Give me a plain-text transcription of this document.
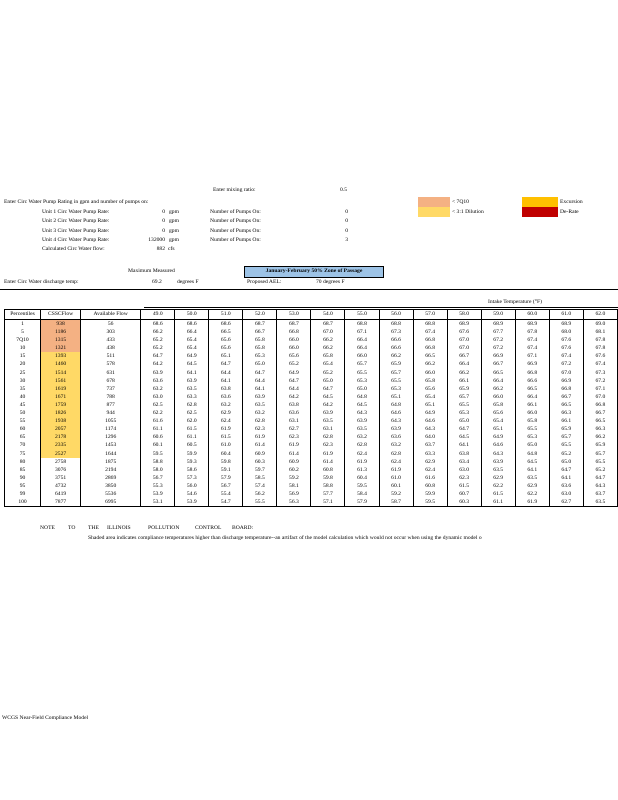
Enter mixing ratio:	0.5
Enter Circ Water Pump Rating in gpm and number of pumps on:
Unit 1 Circ Water Pump Rate:	0 gpm	Number of Pumps On:	0
Unit 2 Circ Water Pump Rate:	0 gpm	Number of Pumps On:	0
Unit 3 Circ Water Pump Rate:	0 gpm	Number of Pumps On:	0
Unit 4 Circ Water Pump Rate:	132000 gpm	Number of Pumps On:	3
Calculated Circ Water flow:	882 cfs
< 7Q10
< 3:1 Dilution
Excursion
De-Rate
Maximum Measured	January-February 50% Zone of Passage
Enter Circ Water discharge temp:	69.2	degrees F	Proposed AEL:	70 degrees F
Intake Temperature (°F)
Percentiles	CSSCFlow	Available Flow	49.0	50.0	51.0	52.0	53.0	54.0	55.0	56.0	57.0	58.0	59.0	60.0	61.0	62.0
1	938	56	68.6	68.6	68.6	68.7	68.7	68.7	68.8	68.8	68.8	68.9	68.9	68.9	68.9	69.0
5	1186	303	66.2	66.4	66.5	66.7	66.8	67.0	67.1	67.3	67.4	67.6	67.7	67.8	68.0	68.1
7Q10	1315	433	65.2	65.4	65.6	65.8	66.0	66.2	66.4	66.6	66.8	67.0	67.2	67.4	67.6	67.8
10	1321	438	65.2	65.4	65.6	65.8	66.0	66.2	66.4	66.6	66.8	67.0	67.2	67.4	67.6	67.8
15	1393	511	64.7	64.9	65.1	65.3	65.6	65.8	66.0	66.2	66.5	66.7	66.9	67.1	67.4	67.6
20	1460	578	64.2	64.5	64.7	65.0	65.2	65.4	65.7	65.9	66.2	66.4	66.7	66.9	67.2	67.4
25	1514	631	63.9	64.1	64.4	64.7	64.9	65.2	65.5	65.7	66.0	66.2	66.5	66.8	67.0	67.3
30	1561	678	63.6	63.9	64.1	64.4	64.7	65.0	65.3	65.5	65.8	66.1	66.4	66.6	66.9	67.2
35	1619	737	63.2	63.5	63.8	64.1	64.4	64.7	65.0	65.3	65.6	65.9	66.2	66.5	66.8	67.1
40	1671	788	63.0	63.3	63.6	63.9	64.2	64.5	64.8	65.1	65.4	65.7	66.0	66.4	66.7	67.0
45	1759	877	62.5	62.8	63.2	63.5	63.8	64.2	64.5	64.8	65.1	65.5	65.8	66.1	66.5	66.8
50	1826	944	62.2	62.5	62.9	63.2	63.6	63.9	64.3	64.6	64.9	65.3	65.6	66.0	66.3	66.7
55	1938	1055	61.6	62.0	62.4	62.8	63.1	63.5	63.9	64.3	64.6	65.0	65.4	65.8	66.1	66.5
60	2057	1174	61.1	61.5	61.9	62.3	62.7	63.1	63.5	63.9	64.3	64.7	65.1	65.5	65.9	66.3
65	2178	1296	60.6	61.1	61.5	61.9	62.3	62.8	63.2	63.6	64.0	64.5	64.9	65.3	65.7	66.2
70	2335	1453	60.1	60.5	61.0	61.4	61.9	62.3	62.8	63.2	63.7	64.1	64.6	65.0	65.5	65.9
75	2527	1644	59.5	59.9	60.4	60.9	61.4	61.9	62.4	62.8	63.3	63.8	64.3	64.8	65.2	65.7
80	2758	1875	58.8	59.3	59.8	60.3	60.9	61.4	61.9	62.4	62.9	63.4	63.9	64.5	65.0	65.5
85	3076	2194	58.0	58.6	59.1	59.7	60.2	60.8	61.3	61.9	62.4	63.0	63.5	64.1	64.7	65.2
90	3751	2869	56.7	57.3	57.9	58.5	59.2	59.8	60.4	61.0	61.6	62.3	62.9	63.5	64.1	64.7
95	4732	3850	55.3	56.0	56.7	57.4	58.1	58.8	59.5	60.1	60.8	61.5	62.2	62.9	63.6	64.3
99	6419	5536	53.9	54.6	55.4	56.2	56.9	57.7	58.4	59.2	59.9	60.7	61.5	62.2	63.0	63.7
100	7877	6995	53.1	53.9	54.7	55.5	56.3	57.1	57.9	58.7	59.5	60.3	61.1	61.9	62.7	63.5
NOTE TO THE ILLINOIS	POLLUTION	CONTROL BOARD:
Shaded area indicates compliance temperatures higher than discharge temperature--an artifact of the model calculation which would not occur when using the dynamic model o
WCGS Near-Field Compliance Model
